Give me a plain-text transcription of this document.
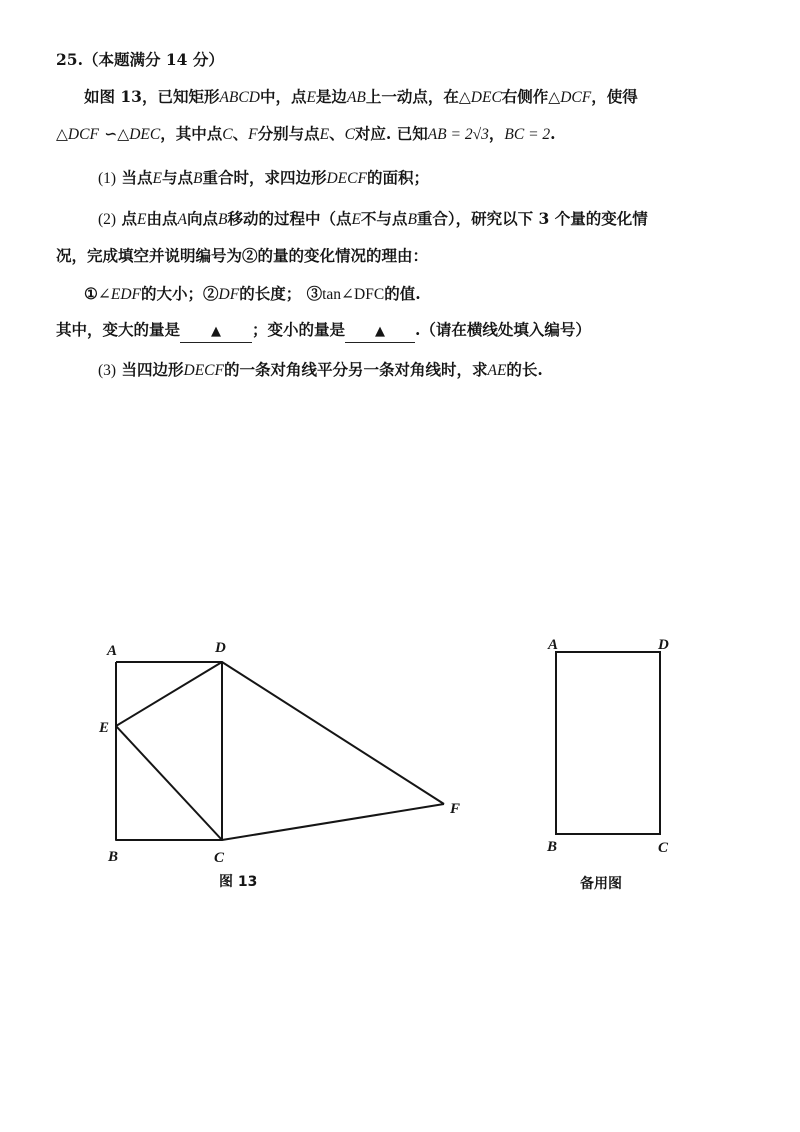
25.（本题满分 14 分）
如图 13，已知矩形ABCD中，点E是边AB上一动点，在△DEC右侧作△DCF，使得
△DCF ∽△DEC，其中点C、F分别与点E、C对应. 已知AB = 2√3，BC = 2.
(1) 当点E与点B重合时，求四边形DECF的面积；
(2) 点E由点A向点B移动的过程中（点E不与点B重合），研究以下 3 个量的变化情
况，完成填空并说明编号为②的量的变化情况的理由：
①∠EDF的大小；②DF的长度； ③tan∠DFC的值.
其中，变大的量是 ▲ ；变小的量是 ▲ .（请在横线处填入编号）
(3) 当四边形DECF的一条对角线平分另一条对角线时，求AE的长.
A	D
E
B	C
F
图 13
A	D
B	C
备用图
